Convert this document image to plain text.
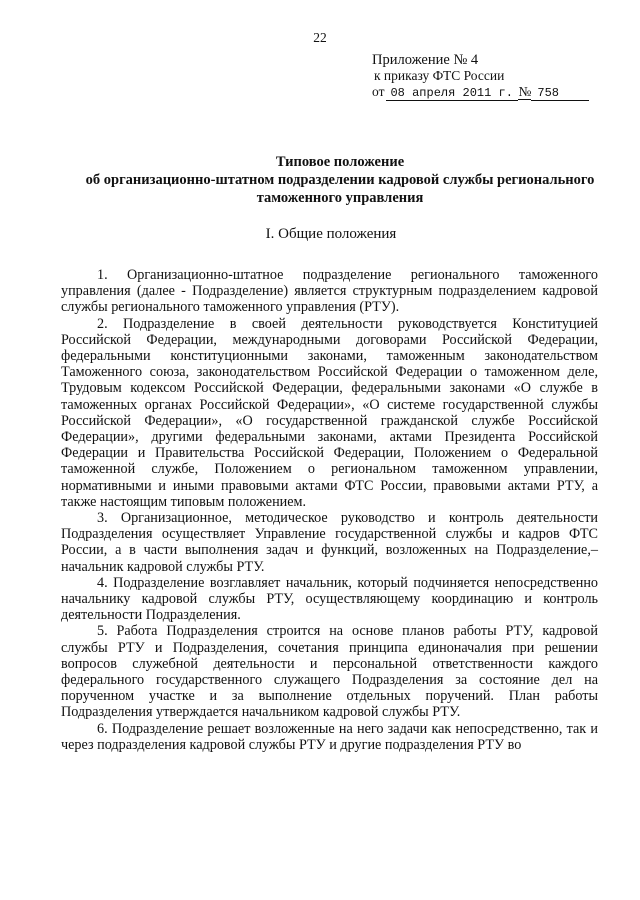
22
Приложение № 4
к приказу ФТС России
от 08 апреля 2011 г. № 758
Типовое положение
об организационно-штатном подразделении кадровой службы регионального
таможенного управления
I. Общие положения

1. Организационно-штатное подразделение регионального таможенного управления (далее - Подразделение) является структурным подразделением кадровой службы регионального таможенного управления (РТУ).

2. Подразделение в своей деятельности руководствуется Конституцией Российской Федерации, международными договорами Российской Федерации, федеральными конституционными законами, таможенным законодательством Таможенного союза, законодательством Российской Федерации о таможенном деле, Трудовым кодексом Российской Федерации, федеральными законами «О службе в таможенных органах Российской Федерации», «О системе государственной службы Российской Федерации», «О государственной гражданской службе Российской Федерации», другими федеральными законами, актами Президента Российской Федерации и Правительства Российской Федерации, Положением о Федеральной таможенной службе, Положением о региональном таможенном управлении, нормативными и иными правовыми актами ФТС России, правовыми актами РТУ, а также настоящим типовым положением.

3. Организационное, методическое руководство и контроль деятельности Подразделения осуществляет Управление государственной службы и кадров ФТС России, а в части выполнения задач и функций, возложенных на Подразделение,– начальник кадровой службы РТУ.

4. Подразделение возглавляет начальник, который подчиняется непосредственно начальнику кадровой службы РТУ, осуществляющему координацию и контроль деятельности Подразделения.

5. Работа Подразделения строится на основе планов работы РТУ, кадровой службы РТУ и Подразделения, сочетания принципа единоначалия при решении вопросов служебной деятельности и персональной ответственности каждого федерального государственного служащего Подразделения за состояние дел на порученном участке и за выполнение отдельных поручений. План работы Подразделения утверждается начальником кадровой службы РТУ.

6. Подразделение решает возложенные на него задачи как непосредственно, так и через подразделения кадровой службы РТУ и другие подразделения РТУ во
